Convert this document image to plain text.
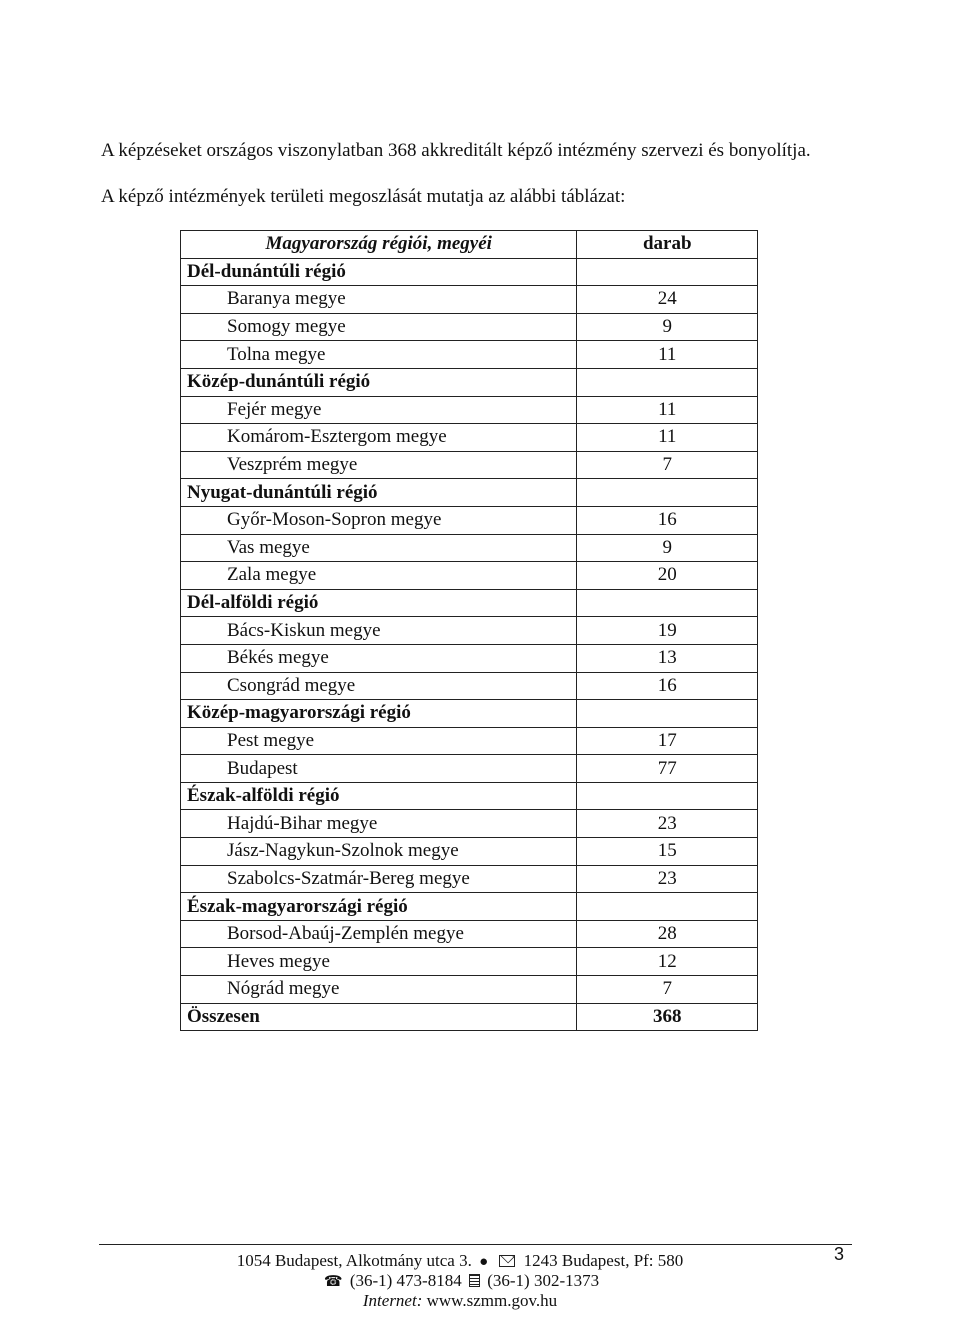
A képzéseket országos viszonylatban 368 akkreditált képző intézmény szervezi és bonyolítja.
A képző intézmények területi megoszlását mutatja az alábbi táblázat:
Magyarország régiói, megyéi	darab
Dél-dunántúli régió	
Baranya megye	24
Somogy megye	9
Tolna megye	11
Közép-dunántúli régió	
Fejér megye	11
Komárom-Esztergom megye	11
Veszprém megye	7
Nyugat-dunántúli régió	
Győr-Moson-Sopron megye	16
Vas megye	9
Zala megye	20
Dél-alföldi régió	
Bács-Kiskun megye	19
Békés megye	13
Csongrád megye	16
Közép-magyarországi régió	
Pest megye	17
Budapest	77
Észak-alföldi régió	
Hajdú-Bihar megye	23
Jász-Nagykun-Szolnok megye	15
Szabolcs-Szatmár-Bereg megye	23
Észak-magyarországi régió	
Borsod-Abaúj-Zemplén megye	28
Heves megye	12
Nógrád megye	7
Összesen	368
1054 Budapest, Alkotmány utca 3. ● 1243 Budapest, Pf: 580
☎ (36-1) 473-8184 (36-1) 302-1373
Internet: www.szmm.gov.hu
3
